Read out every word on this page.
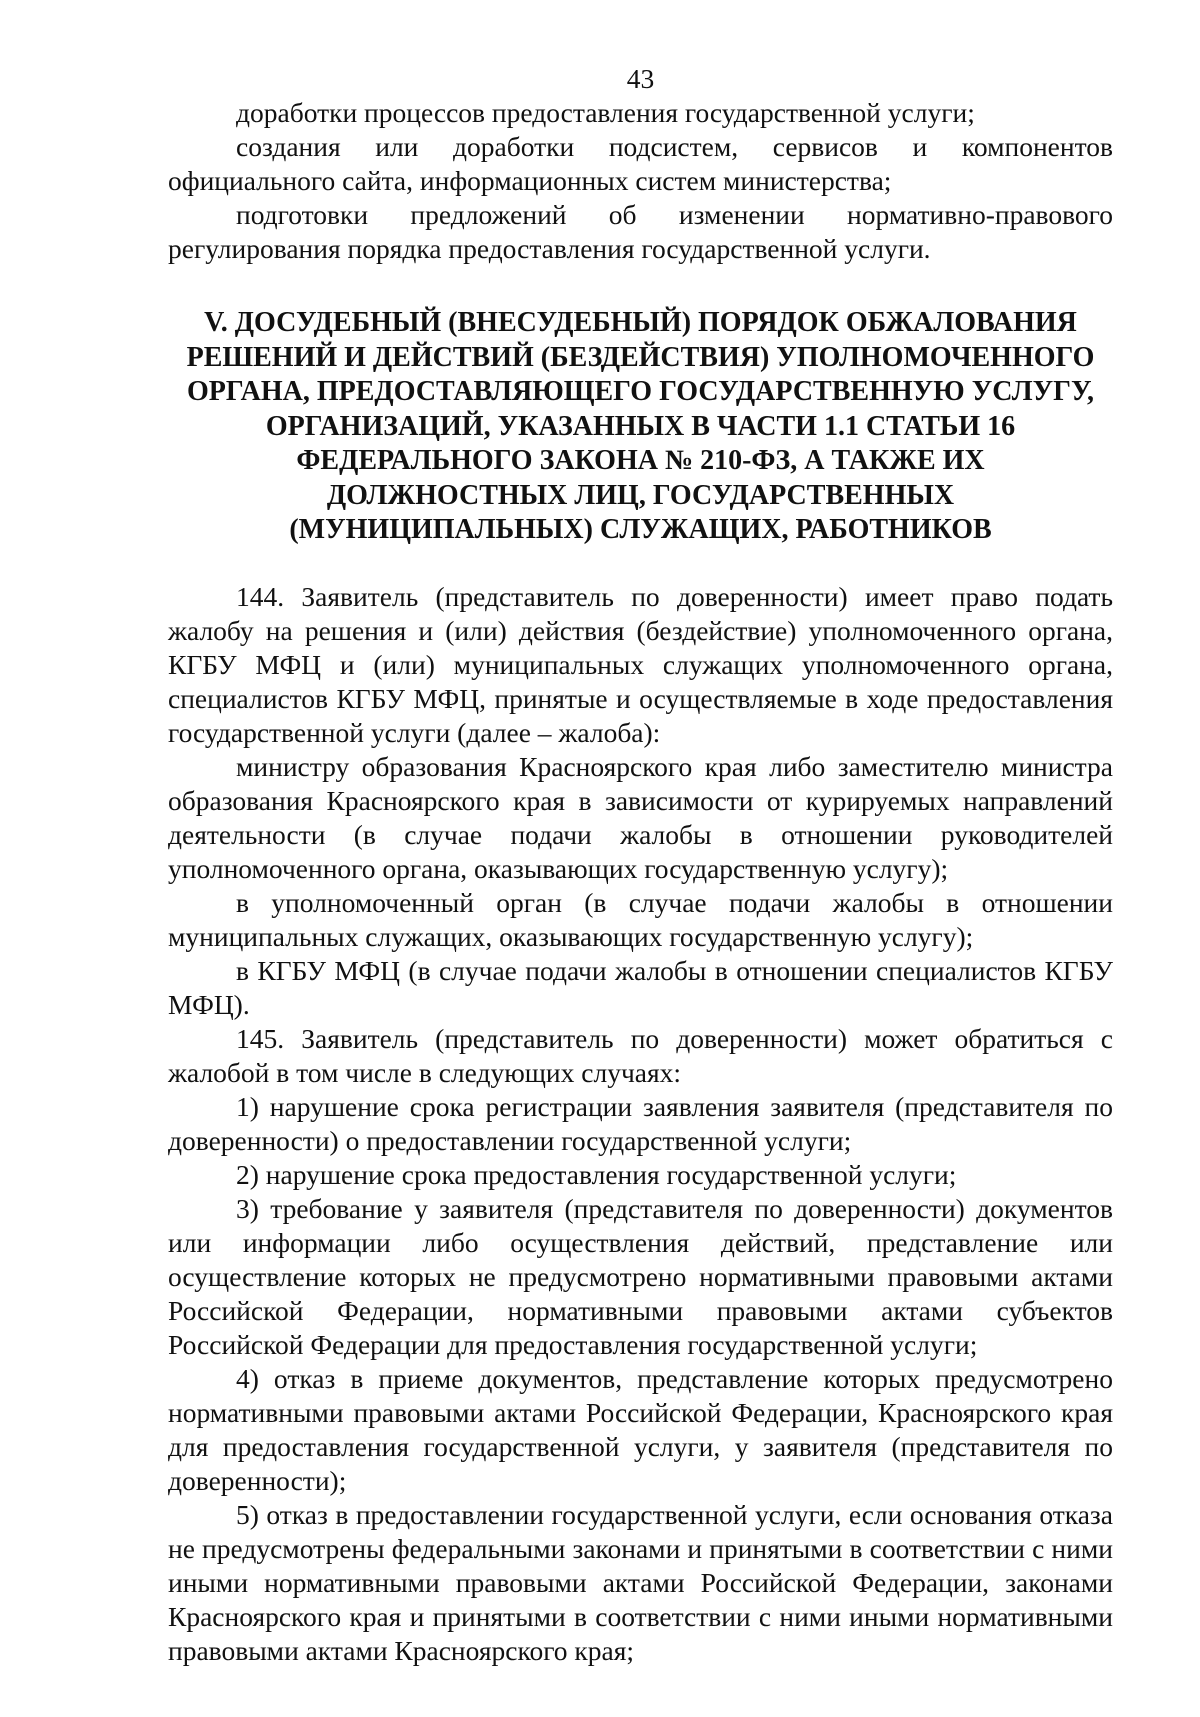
43

доработки процессов предоставления государственной услуги;

создания или доработки подсистем, сервисов и компонентов официального сайта, информационных систем министерства;

подготовки предложений об изменении нормативно-правового регулирования порядка предоставления государственной услуги.

V. ДОСУДЕБНЫЙ (ВНЕСУДЕБНЫЙ) ПОРЯДОК ОБЖАЛОВАНИЯ
РЕШЕНИЙ И ДЕЙСТВИЙ (БЕЗДЕЙСТВИЯ) УПОЛНОМОЧЕННОГО
ОРГАНА, ПРЕДОСТАВЛЯЮЩЕГО ГОСУДАРСТВЕННУЮ УСЛУГУ,
ОРГАНИЗАЦИЙ, УКАЗАННЫХ В ЧАСТИ 1.1 СТАТЬИ 16
ФЕДЕРАЛЬНОГО ЗАКОНА № 210-ФЗ, А ТАКЖЕ ИХ
ДОЛЖНОСТНЫХ ЛИЦ, ГОСУДАРСТВЕННЫХ
(МУНИЦИПАЛЬНЫХ) СЛУЖАЩИХ, РАБОТНИКОВ

144. Заявитель (представитель по доверенности) имеет право подать жалобу на решения и (или) действия (бездействие) уполномоченного органа, КГБУ МФЦ и (или) муниципальных служащих уполномоченного органа, специалистов КГБУ МФЦ, принятые и осуществляемые в ходе предоставления государственной услуги (далее – жалоба):

министру образования Красноярского края либо заместителю министра образования Красноярского края в зависимости от курируемых направлений деятельности (в случае подачи жалобы в отношении руководителей уполномоченного органа, оказывающих государственную услугу);

в уполномоченный орган (в случае подачи жалобы в отношении муниципальных служащих, оказывающих государственную услугу);

в КГБУ МФЦ (в случае подачи жалобы в отношении специалистов КГБУ МФЦ).

145. Заявитель (представитель по доверенности) может обратиться с жалобой в том числе в следующих случаях:

1) нарушение срока регистрации заявления заявителя (представителя по доверенности) о предоставлении государственной услуги;

2) нарушение срока предоставления государственной услуги;

3) требование у заявителя (представителя по доверенности) документов или информации либо осуществления действий, представление или осуществление которых не предусмотрено нормативными правовыми актами Российской Федерации, нормативными правовыми актами субъектов Российской Федерации для предоставления государственной услуги;

4) отказ в приеме документов, представление которых предусмотрено нормативными правовыми актами Российской Федерации, Красноярского края для предоставления государственной услуги, у заявителя (представителя по доверенности);

5) отказ в предоставлении государственной услуги, если основания отказа не предусмотрены федеральными законами и принятыми в соответствии с ними иными нормативными правовыми актами Российской Федерации, законами Красноярского края и принятыми в соответствии с ними иными нормативными правовыми актами Красноярского края;
